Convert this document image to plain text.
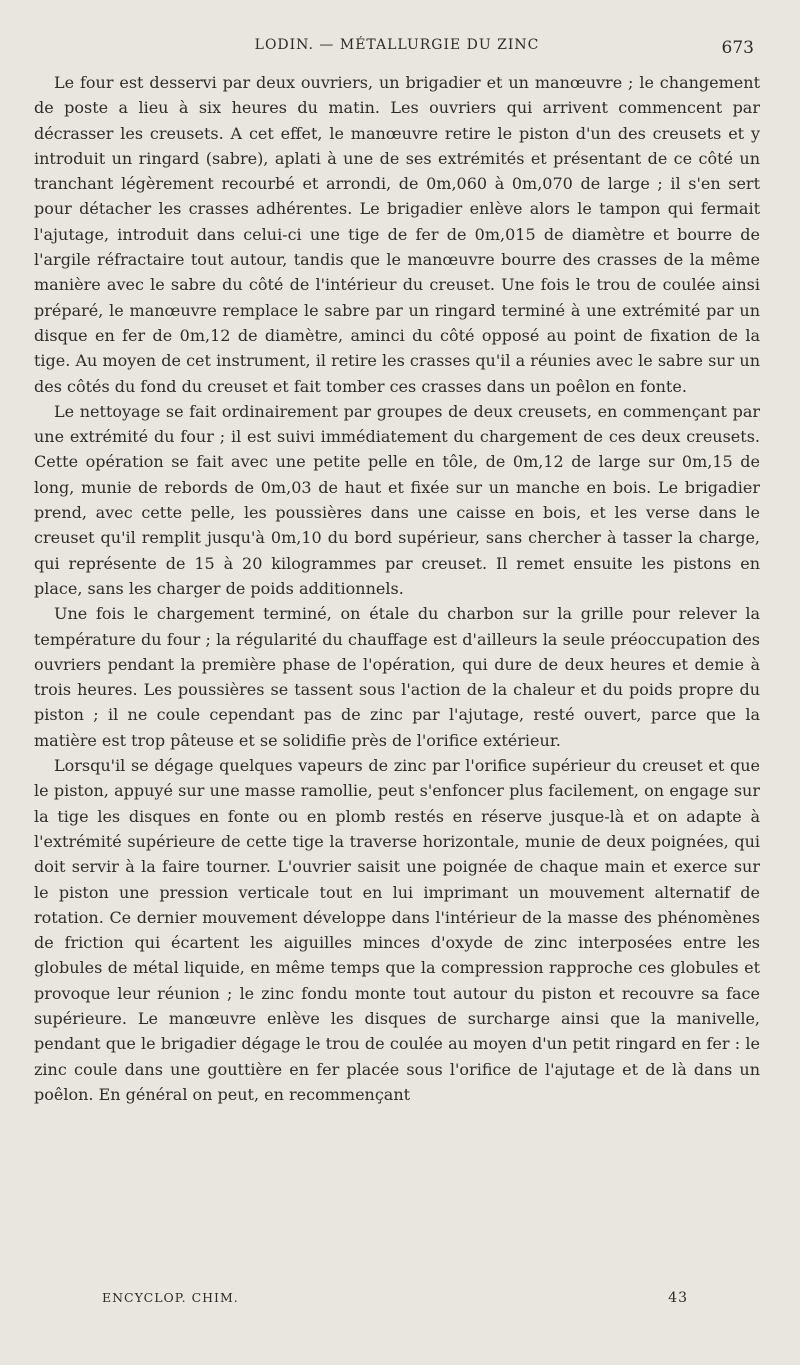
LODIN. — MÉTALLURGIE DU ZINC	673

Le four est desservi par deux ouvriers, un brigadier et un manœuvre ; le changement de poste a lieu à six heures du matin. Les ouvriers qui arrivent commencent par décrasser les creusets. A cet effet, le manœuvre retire le piston d'un des creusets et y introduit un ringard (sabre), aplati à une de ses extrémités et présentant de ce côté un tranchant légèrement recourbé et arrondi, de 0m,060 à 0m,070 de large ; il s'en sert pour détacher les crasses adhérentes. Le brigadier enlève alors le tampon qui fermait l'ajutage, introduit dans celui-ci une tige de fer de 0m,015 de diamètre et bourre de l'argile réfractaire tout autour, tandis que le manœuvre bourre des crasses de la même manière avec le sabre du côté de l'intérieur du creuset. Une fois le trou de coulée ainsi préparé, le manœuvre remplace le sabre par un ringard terminé à une extrémité par un disque en fer de 0m,12 de diamètre, aminci du côté opposé au point de fixation de la tige. Au moyen de cet instrument, il retire les crasses qu'il a réunies avec le sabre sur un des côtés du fond du creuset et fait tomber ces crasses dans un poêlon en fonte.

Le nettoyage se fait ordinairement par groupes de deux creusets, en commençant par une extrémité du four ; il est suivi immédiatement du chargement de ces deux creusets. Cette opération se fait avec une petite pelle en tôle, de 0m,12 de large sur 0m,15 de long, munie de rebords de 0m,03 de haut et fixée sur un manche en bois. Le brigadier prend, avec cette pelle, les poussières dans une caisse en bois, et les verse dans le creuset qu'il remplit jusqu'à 0m,10 du bord supérieur, sans chercher à tasser la charge, qui représente de 15 à 20 kilogrammes par creuset. Il remet ensuite les pistons en place, sans les charger de poids additionnels.

Une fois le chargement terminé, on étale du charbon sur la grille pour relever la température du four ; la régularité du chauffage est d'ailleurs la seule préoccupation des ouvriers pendant la première phase de l'opération, qui dure de deux heures et demie à trois heures. Les poussières se tassent sous l'action de la chaleur et du poids propre du piston ; il ne coule cependant pas de zinc par l'ajutage, resté ouvert, parce que la matière est trop pâteuse et se solidifie près de l'orifice extérieur.

Lorsqu'il se dégage quelques vapeurs de zinc par l'orifice supérieur du creuset et que le piston, appuyé sur une masse ramollie, peut s'enfoncer plus facilement, on engage sur la tige les disques en fonte ou en plomb restés en réserve jusque-là et on adapte à l'extrémité supérieure de cette tige la traverse horizontale, munie de deux poignées, qui doit servir à la faire tourner. L'ouvrier saisit une poignée de chaque main et exerce sur le piston une pression verticale tout en lui imprimant un mouvement alternatif de rotation. Ce dernier mouvement développe dans l'intérieur de la masse des phénomènes de friction qui écartent les aiguilles minces d'oxyde de zinc interposées entre les globules de métal liquide, en même temps que la compression rapproche ces globules et provoque leur réunion ; le zinc fondu monte tout autour du piston et recouvre sa face supérieure. Le manœuvre enlève les disques de surcharge ainsi que la manivelle, pendant que le brigadier dégage le trou de coulée au moyen d'un petit ringard en fer : le zinc coule dans une gouttière en fer placée sous l'orifice de l'ajutage et de là dans un poêlon. En général on peut, en recommençant

ENCYCLOP. CHIM.	43
